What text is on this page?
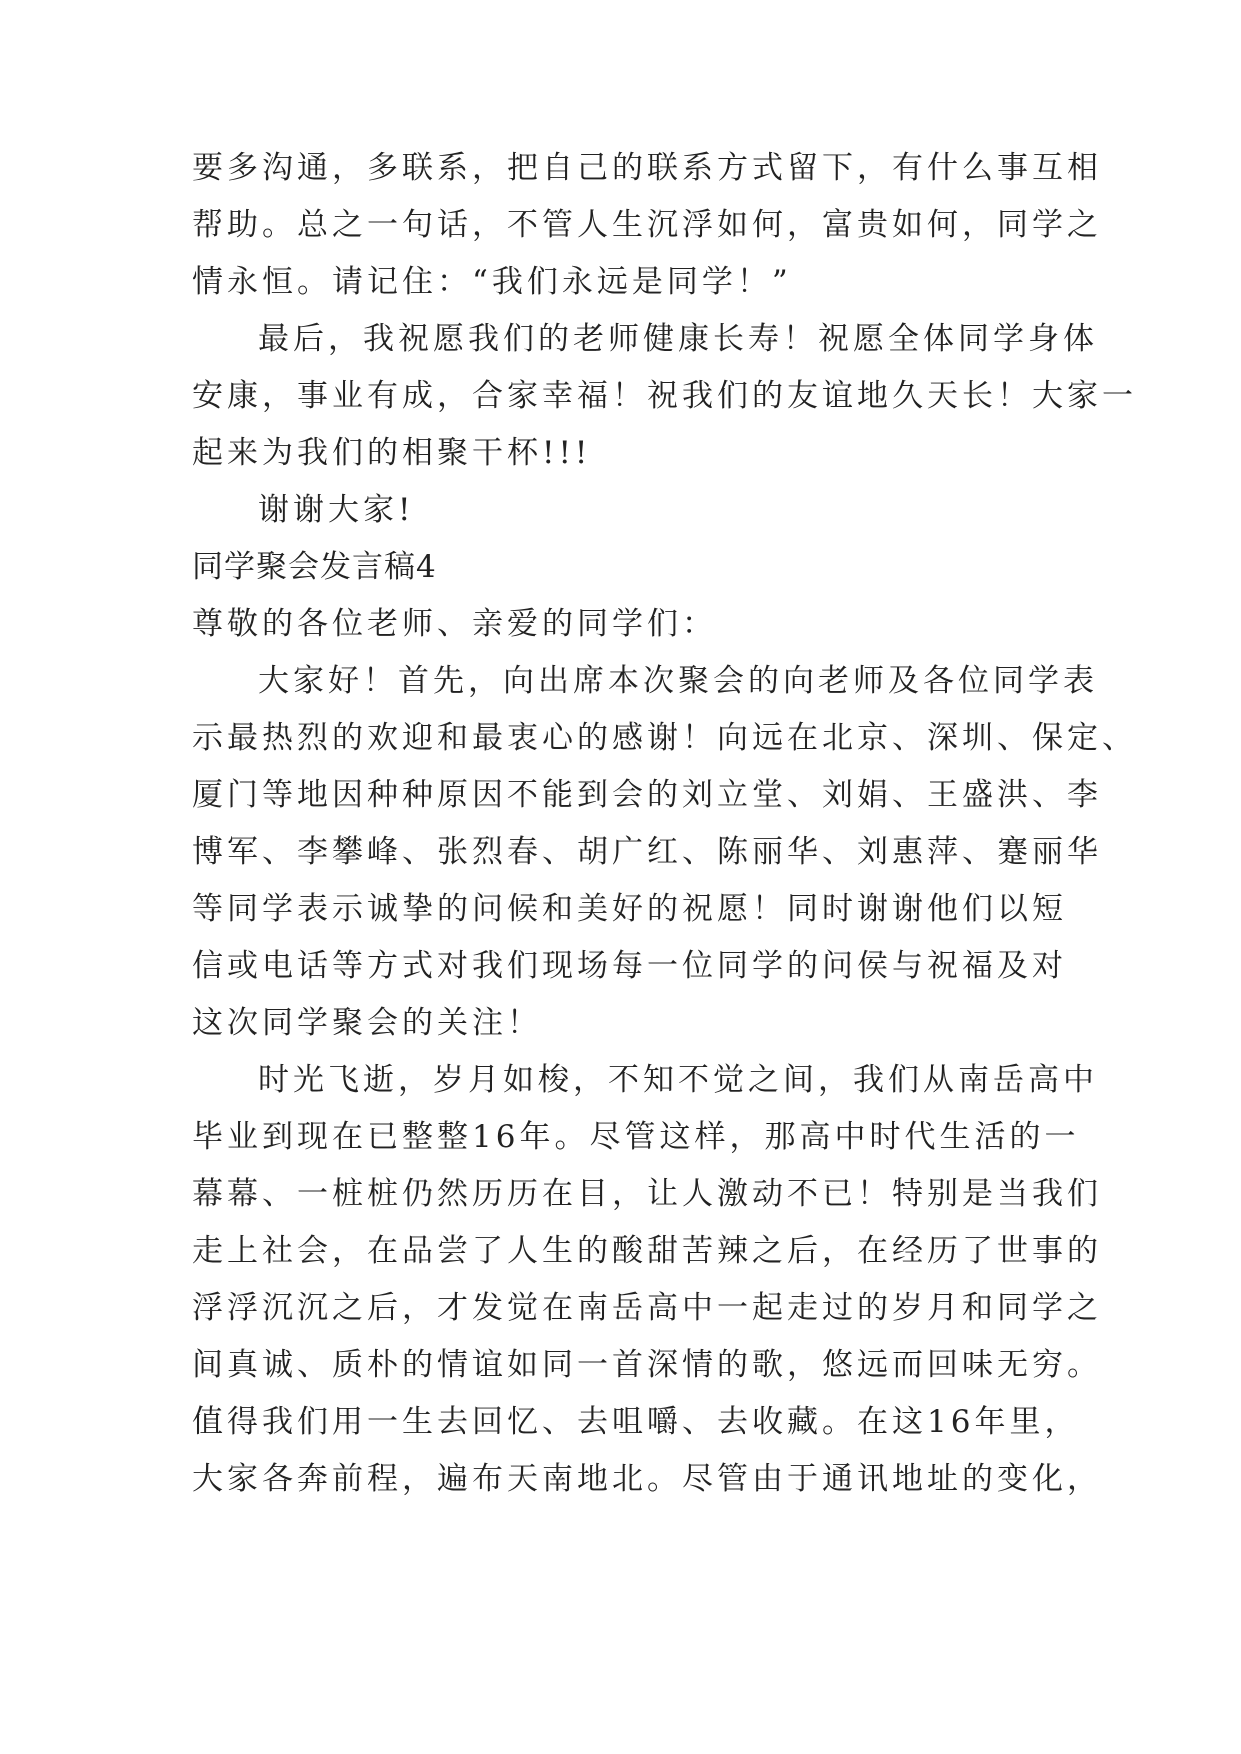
要多沟通，多联系，把自己的联系方式留下，有什么事互相

帮助。总之一句话，不管人生沉浮如何，富贵如何，同学之

情永恒。请记住：“我们永远是同学！”

最后，我祝愿我们的老师健康长寿！祝愿全体同学身体

安康，事业有成，合家幸福！祝我们的友谊地久天长！大家一

起来为我们的相聚干杯!!!

谢谢大家!

同学聚会发言稿4

尊敬的各位老师、亲爱的同学们：

大家好！首先，向出席本次聚会的向老师及各位同学表

示最热烈的欢迎和最衷心的感谢！向远在北京、深圳、保定、

厦门等地因种种原因不能到会的刘立堂、刘娟、王盛洪、李

博军、李攀峰、张烈春、胡广红、陈丽华、刘惠萍、蹇丽华

等同学表示诚挚的问候和美好的祝愿！同时谢谢他们以短

信或电话等方式对我们现场每一位同学的问侯与祝福及对

这次同学聚会的关注！

时光飞逝，岁月如梭，不知不觉之间，我们从南岳高中

毕业到现在已整整16年。尽管这样，那高中时代生活的一

幕幕、一桩桩仍然历历在目，让人激动不已！特别是当我们

走上社会，在品尝了人生的酸甜苦辣之后，在经历了世事的

浮浮沉沉之后，才发觉在南岳高中一起走过的岁月和同学之

间真诚、质朴的情谊如同一首深情的歌，悠远而回味无穷。

值得我们用一生去回忆、去咀嚼、去收藏。在这16年里，

大家各奔前程，遍布天南地北。尽管由于通讯地址的变化，
